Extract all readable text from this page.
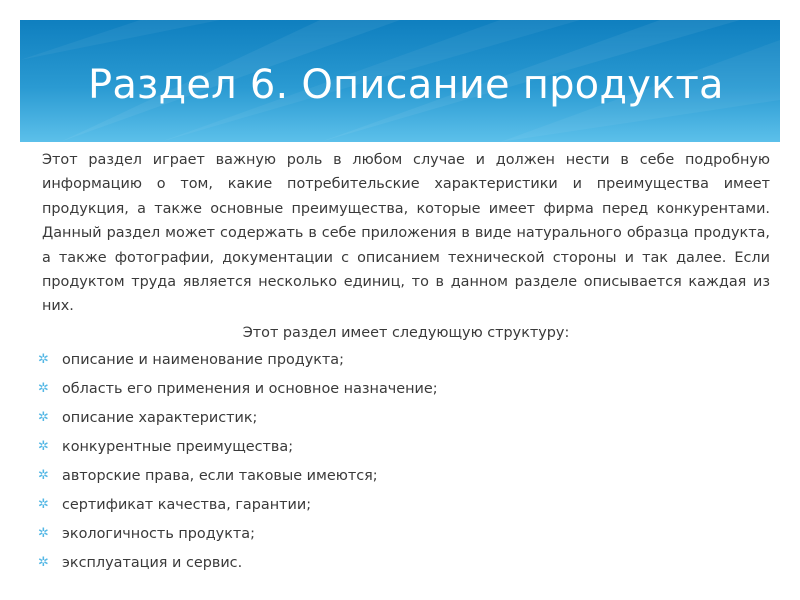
Раздел 6. Описание продукта

Этот раздел играет важную роль в любом случае и должен нести в себе подробную информацию о том, какие потребительские характеристики и преимущества имеет продукция, а также основные преимущества, которые имеет фирма перед конкурентами. Данный раздел может содержать в себе приложения в виде натурального образца продукта, а также фотографии, документации с описанием технической стороны и так далее. Если продуктом труда является несколько единиц, то в данном разделе описывается каждая из них.

Этот раздел имеет следующую структуру:
✲ описание и наименование продукта;
✲ область его применения и основное назначение;
✲ описание характеристик;
✲ конкурентные преимущества;
✲ авторские права, если таковые имеются;
✲ сертификат качества, гарантии;
✲ экологичность продукта;
✲ эксплуатация и сервис.
